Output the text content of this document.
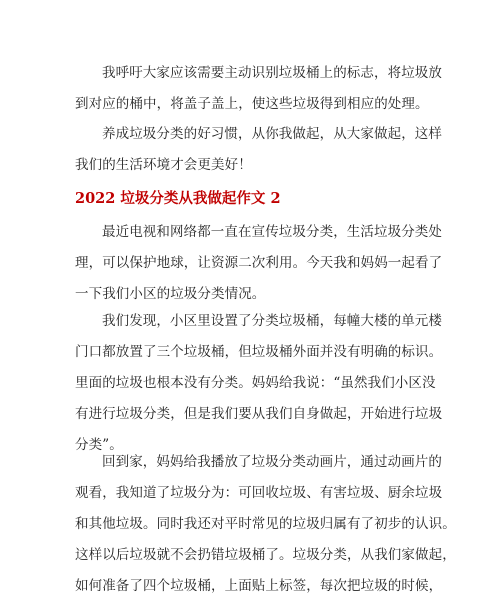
我呼吁大家应该需要主动识别垃圾桶上的标志，将垃圾放
到对应的桶中，将盖子盖上，使这些垃圾得到相应的处理。
养成垃圾分类的好习惯，从你我做起，从大家做起，这样
我们的生活环境才会更美好！
2022 垃圾分类从我做起作文 2
最近电视和网络都一直在宣传垃圾分类，生活垃圾分类处
理，可以保护地球，让资源二次利用。今天我和妈妈一起看了
一下我们小区的垃圾分类情况。
我们发现，小区里设置了分类垃圾桶，每幢大楼的单元楼
门口都放置了三个垃圾桶，但垃圾桶外面并没有明确的标识。
里面的垃圾也根本没有分类。妈妈给我说：“虽然我们小区没
有进行垃圾分类，但是我们要从我们自身做起，开始进行垃圾
分类”。
回到家，妈妈给我播放了垃圾分类动画片，通过动画片的
观看，我知道了垃圾分为：可回收垃圾、有害垃圾、厨余垃圾
和其他垃圾。同时我还对平时常见的垃圾归属有了初步的认识。
这样以后垃圾就不会扔错垃圾桶了。垃圾分类，从我们家做起，
如何准备了四个垃圾桶，上面贴上标签，每次把垃圾的时候，
